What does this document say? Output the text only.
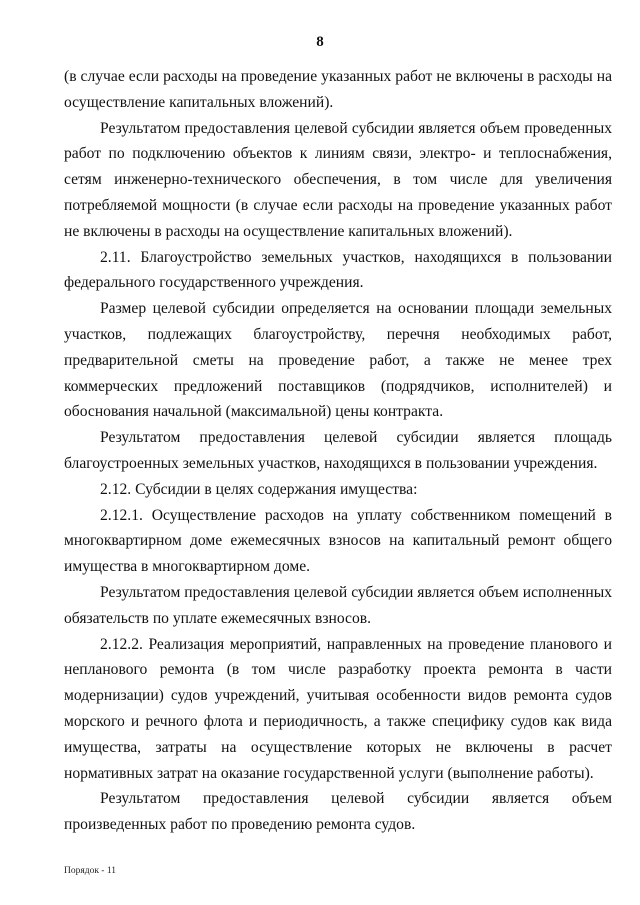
8

(в случае если расходы на проведение указанных работ не включены в расходы на осуществление капитальных вложений).

Результатом предоставления целевой субсидии является объем проведенных работ по подключению объектов к линиям связи, электро- и теплоснабжения, сетям инженерно-технического обеспечения, в том числе для увеличения потребляемой мощности (в случае если расходы на проведение указанных работ не включены в расходы на осуществление капитальных вложений).

2.11. Благоустройство земельных участков, находящихся в пользовании федерального государственного учреждения.

Размер целевой субсидии определяется на основании площади земельных участков, подлежащих благоустройству, перечня необходимых работ, предварительной сметы на проведение работ, а также не менее трех коммерческих предложений поставщиков (подрядчиков, исполнителей) и обоснования начальной (максимальной) цены контракта.

Результатом предоставления целевой субсидии является площадь благоустроенных земельных участков, находящихся в пользовании учреждения.

2.12. Субсидии в целях содержания имущества:

2.12.1. Осуществление расходов на уплату собственником помещений в многоквартирном доме ежемесячных взносов на капитальный ремонт общего имущества в многоквартирном доме.

Результатом предоставления целевой субсидии является объем исполненных обязательств по уплате ежемесячных взносов.

2.12.2. Реализация мероприятий, направленных на проведение планового и непланового ремонта (в том числе разработку проекта ремонта в части модернизации) судов учреждений, учитывая особенности видов ремонта судов морского и речного флота и периодичность, а также специфику судов как вида имущества, затраты на осуществление которых не включены в расчет нормативных затрат на оказание государственной услуги (выполнение работы).

Результатом предоставления целевой субсидии является объем произведенных работ по проведению ремонта судов.

Порядок - 11
